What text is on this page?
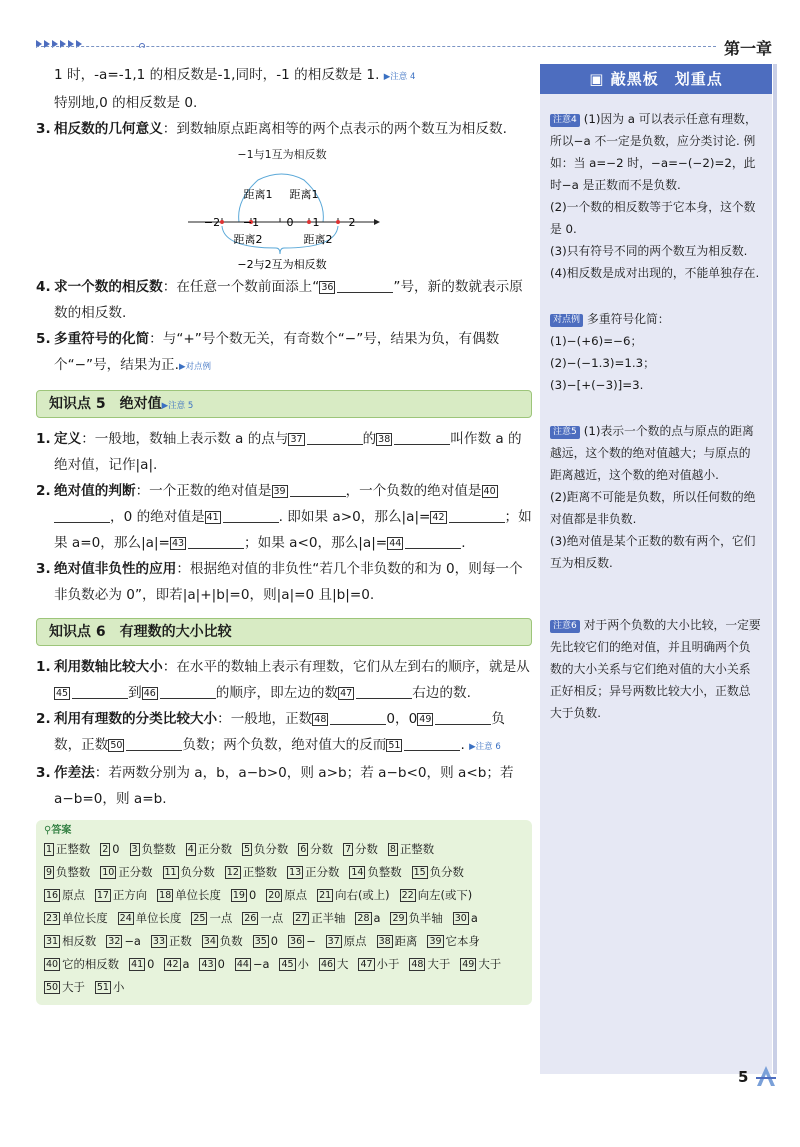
第一章

1 时，-a=-1,1 的相反数是-1,同时，-1 的相反数是 1. ▶注意 4

特别地,0 的相反数是 0.

3. 相反数的几何意义：到数轴原点距离相等的两个点表示的两个数互为相反数.

−1与1互为相反数
距离1 距离1
−2 −1 0 1	2
距离2	距离2
−2与2互为相反数

4. 求一个数的相反数：在任意一个数前面添上“ 36	”号，新的数就表示原数的相反数.

5. 多重符号的化简：与“+”号个数无关，有奇数个“−”号，结果为负，有偶数个“−”号，结果为正.▶对点例

知识点 5　绝对值▶注意 5

1. 定义：一般地，数轴上表示数 a 的点与 37	的 38	叫作数 a 的绝对值，记作|a|.

2. 绝对值的判断：一个正数的绝对值是 39	，一个负数的绝对值是 40，0 的绝对值是 41	. 即如果 a>0，那么|a|= 42	；如果 a=0，那么|a|= 43	；如果 a<0，那么|a|= 44	.

3. 绝对值非负性的应用：根据绝对值的非负性“若几个非负数的和为 0，则每一个非负数必为 0”，即若|a|+|b|=0，则|a|=0 且|b|=0.

知识点 6　有理数的大小比较

1. 利用数轴比较大小：在水平的数轴上表示有理数，它们从左到右的顺序，就是从45	到 46	的顺序，即左边的数 47	右边的数.

2. 利用有理数的分类比较大小：一般地，正数 48	0，0 49	负数，正数 50	负数；两个负数，绝对值大的反而 51	. ▶注意 6

3. 作差法：若两数分别为 a，b，a−b>0，则 a>b；若 a−b<0，则 a<b；若 a−b=0，则 a=b.

⚲答案
1 正整数 2 0 3 负整数 4 正分数 5 负分数 6 分数 7 分数 8 正整数
9 负整数 10 正分数 11 负分数 12 正整数 13 正分数 14 负整数 15 负分数
16 原点 17 正方向 18 单位长度 19 0 20 原点 21 向右(或上) 22 向左(或下)
23 单位长度 24 单位长度 25 一点 26 一点 27 正半轴 28 a 29 负半轴 30 a
31 相反数 32 −a 33 正数 34 负数 35 0 36 − 37 原点 38 距离 39 它本身
40 它的相反数 41 0 42 a 43 0 44 −a 45 小 46 大 47 小于 48 大于 49 大于
50 大于 51 小
▣ 敲黑板　划重点

注意4 (1)因为 a 可以表示任意有理数，所以−a 不一定是负数，应分类讨论. 例如：当 a=−2 时，−a=−(−2)=2，此时−a 是正数而不是负数.

(2)一个数的相反数等于它本身，这个数是 0.

(3)只有符号不同的两个数互为相反数.

(4)相反数是成对出现的，不能单独存在.

对点例 多重符号化简：

(1)−(+6)=−6；

(2)−(−1.3)=1.3；

(3)−[+(−3)]=3.

注意5 (1)表示一个数的点与原点的距离越远，这个数的绝对值越大；与原点的距离越近，这个数的绝对值越小.

(2)距离不可能是负数，所以任何数的绝对值都是非负数.

(3)绝对值是某个正数的数有两个，它们互为相反数.

注意6 对于两个负数的大小比较，一定要先比较它们的绝对值，并且明确两个负数的大小关系与它们绝对值的大小关系正好相反；异号两数比较大小，正数总大于负数.

5
